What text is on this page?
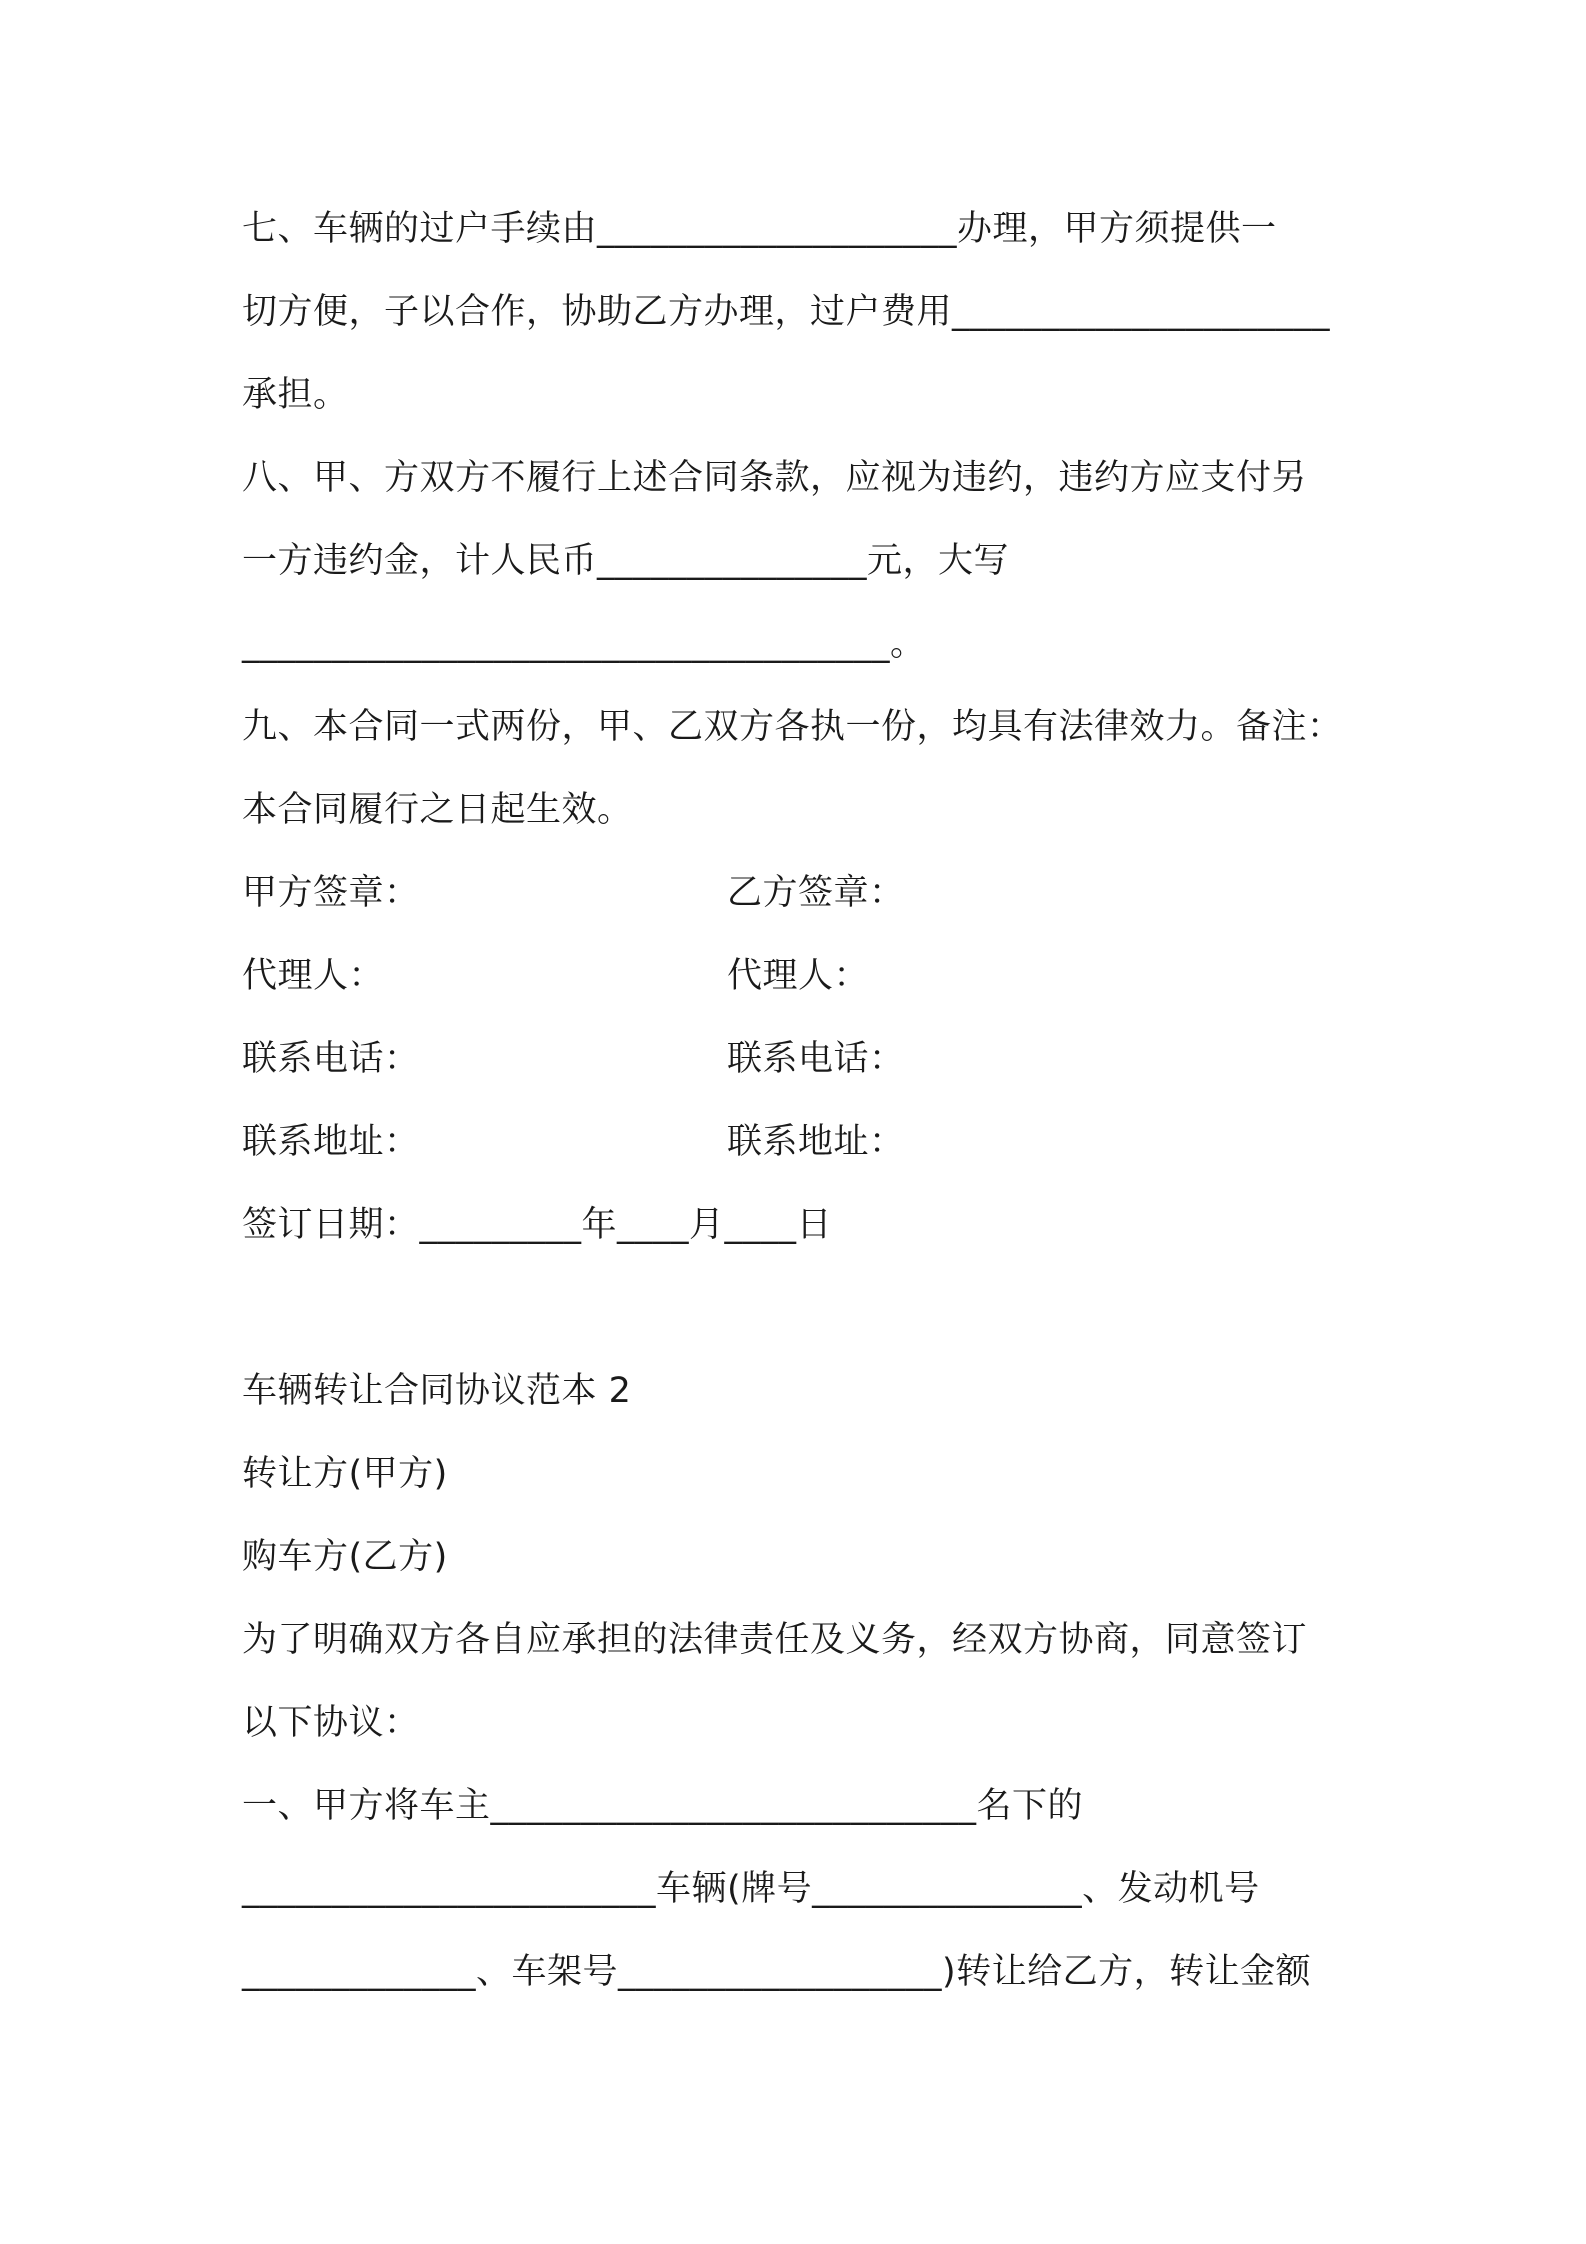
七、车辆的过户手续由____________________办理，甲方须提供一
切方便，子以合作，协助乙方办理，过户费用_____________________
承担。
八、甲、方双方不履行上述合同条款，应视为违约，违约方应支付另
一方违约金，计人民币_______________元，大写
____________________________________。
九、本合同一式两份，甲、乙双方各执一份，均具有法律效力。备注：
本合同履行之日起生效。
甲方签章：	乙方签章：
代理人：	代理人：
联系电话：	联系电话：
联系地址：	联系地址：
签订日期：_________年____月____日
车辆转让合同协议范本 2
转让方(甲方)
购车方(乙方)
为了明确双方各自应承担的法律责任及义务，经双方协商，同意签订
以下协议：
一、甲方将车主___________________________名下的
_______________________车辆(牌号_______________、发动机号
_____________、车架号__________________)转让给乙方，转让金额
